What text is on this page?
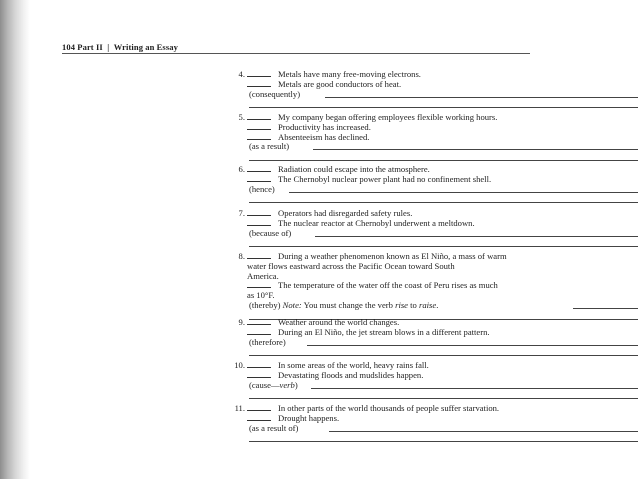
104 Part II | Writing an Essay
4.	Metals have many free-moving electrons.
Metals are good conductors of heat.
(consequently)
5.	My company began offering employees flexible working hours.
Productivity has increased.
Absenteeism has declined.
(as a result)
6.	Radiation could escape into the atmosphere.
The Chernobyl nuclear power plant had no confinement shell.
(hence)
7.	Operators had disregarded safety rules.
The nuclear reactor at Chernobyl underwent a meltdown.
(because of)
8.	During a weather phenomenon known as El Niño, a mass of warm
water flows eastward across the Pacific Ocean toward South
America.
The temperature of the water off the coast of Peru rises as much
as 10°F.
(thereby) Note: You must change the verb rise to raise.
9.	Weather around the world changes.
During an El Niño, the jet stream blows in a different pattern.
(therefore)
10.	In some areas of the world, heavy rains fall.
Devastating floods and mudslides happen.
(cause—verb)
11.	In other parts of the world thousands of people suffer starvation.
Drought happens.
(as a result of)
